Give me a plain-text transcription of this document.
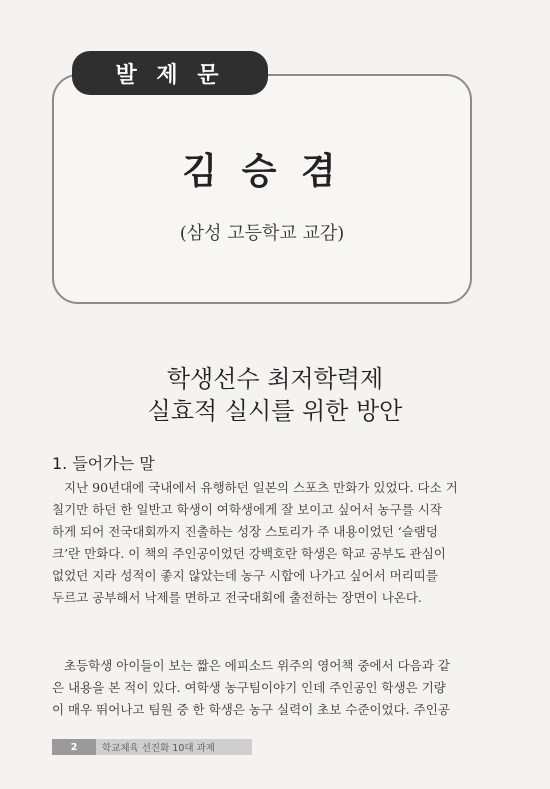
발 제 문
김 승 겸
(삼성 고등학교 교감)
학생선수 최저학력제
실효적 실시를 위한 방안
1. 들어가는 말
지난 90년대에 국내에서 유행하던 일본의 스포츠 만화가 있었다. 다소 거
칠기만 하던 한 일반고 학생이 여학생에게 잘 보이고 싶어서 농구를 시작
하게 되어 전국대회까지 진출하는 성장 스토리가 주 내용이었던 ‘슬램덩
크’란 만화다. 이 책의 주인공이었던 강백호란 학생은 학교 공부도 관심이
없었던 지라 성적이 좋지 않았는데 농구 시합에 나가고 싶어서 머리띠를
두르고 공부해서 낙제를 면하고 전국대회에 출전하는 장면이 나온다.
초등학생 아이들이 보는 짧은 에피소드 위주의 영어책 중에서 다음과 같
은 내용을 본 적이 있다. 여학생 농구팀이야기 인데 주인공인 학생은 기량
이 매우 뛰어나고 팀원 중 한 학생은 농구 실력이 초보 수준이었다. 주인공
2	학교체육 선진화 10대 과제
